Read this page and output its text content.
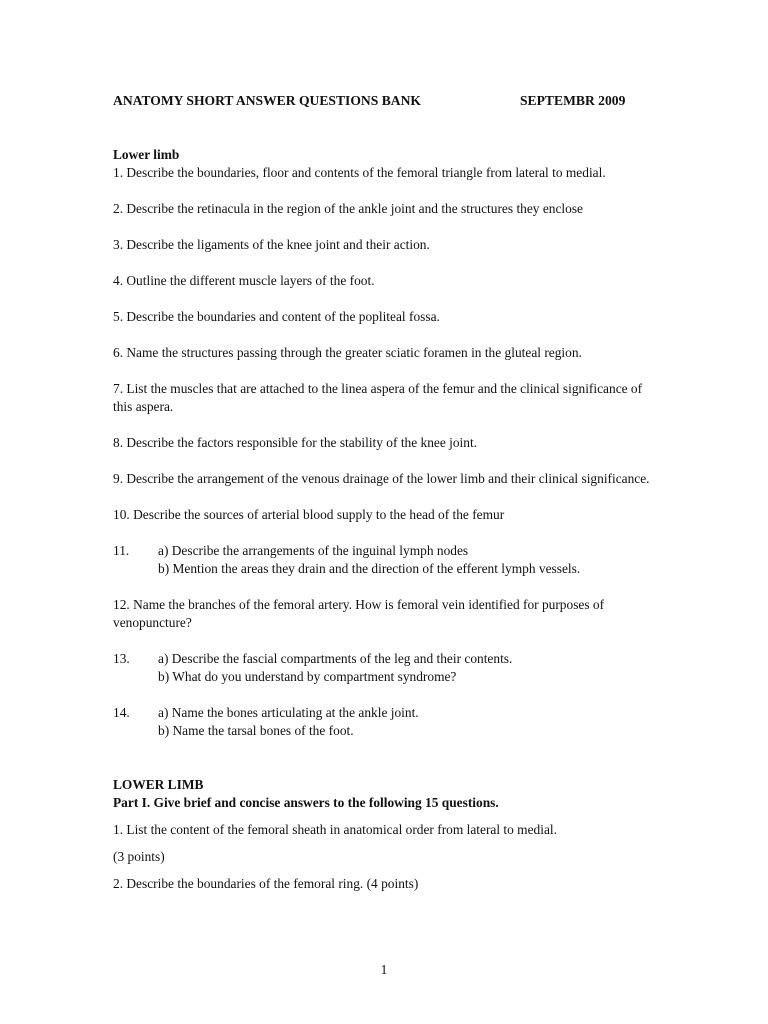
ANATOMY SHORT ANSWER QUESTIONS BANK	SEPTEMBR 2009
Lower limb

1. Describe the boundaries, floor and contents of the femoral triangle from lateral to medial.

2. Describe the retinacula in the region of the ankle joint and the structures they enclose

3. Describe the ligaments of the knee joint and their action.

4. Outline the different muscle layers of the foot.

5. Describe the boundaries and content of the popliteal fossa.

6. Name the structures passing through the greater sciatic foramen in the gluteal region.

7. List the muscles that are attached to the linea aspera of the femur and the clinical significance of this aspera.

8. Describe the factors responsible for the stability of the knee joint.

9. Describe the arrangement of the venous drainage of the lower limb and their clinical significance.

10. Describe the sources of arterial blood supply to the head of the femur

11.	a) Describe the arrangements of the inguinal lymph nodes
b) Mention the areas they drain and the direction of the efferent lymph vessels.

12. Name the branches of the femoral artery. How is femoral vein identified for purposes of venopuncture?

13.	a) Describe the fascial compartments of the leg and their contents.
b) What do you understand by compartment syndrome?
14.	a) Name the bones articulating at the ankle joint.
b) Name the tarsal bones of the foot.
LOWER LIMB
Part I. Give brief and concise answers to the following 15 questions.

1. List the content of the femoral sheath in anatomical order from lateral to medial.

(3 points)

2. Describe the boundaries of the femoral ring. (4 points)

1
